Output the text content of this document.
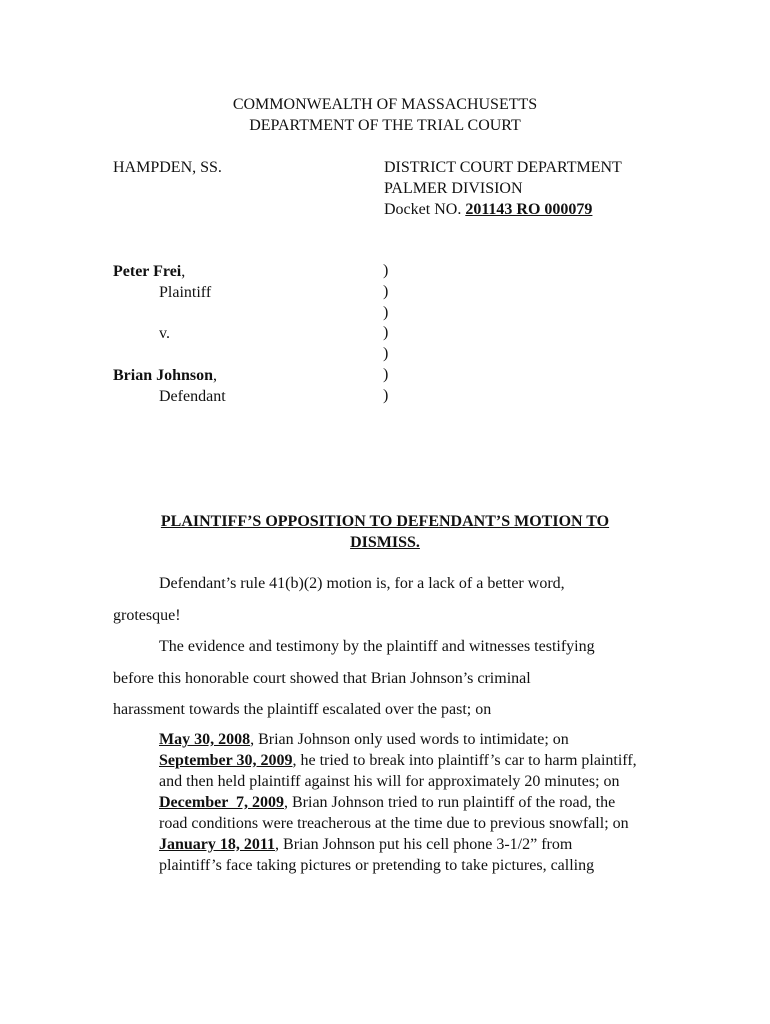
COMMONWEALTH OF MASSACHUSETTS
DEPARTMENT OF THE TRIAL COURT
HAMPDEN, SS.	DISTRICT COURT DEPARTMENT
PALMER DIVISION
Docket NO. 201143 RO 000079
Peter Frei,
Plaintiff
v.
Brian Johnson,
Defendant
)
)
)
)
)
)
)
PLAINTIFF’S OPPOSITION TO DEFENDANT’S MOTION TO
DISMISS.
Defendant’s rule 41(b)(2) motion is, for a lack of a better word,
grotesque!
The evidence and testimony by the plaintiff and witnesses testifying
before this honorable court showed that Brian Johnson’s criminal
harassment towards the plaintiff escalated over the past; on
May 30, 2008, Brian Johnson only used words to intimidate; on
September 30, 2009, he tried to break into plaintiff’s car to harm plaintiff, and then held plaintiff against his will for approximately 20 minutes; on
December  7, 2009, Brian Johnson tried to run plaintiff of the road, the road conditions were treacherous at the time due to previous snowfall; on
January 18, 2011, Brian Johnson put his cell phone 3-1/2” from plaintiff’s face taking pictures or pretending to take pictures, calling
